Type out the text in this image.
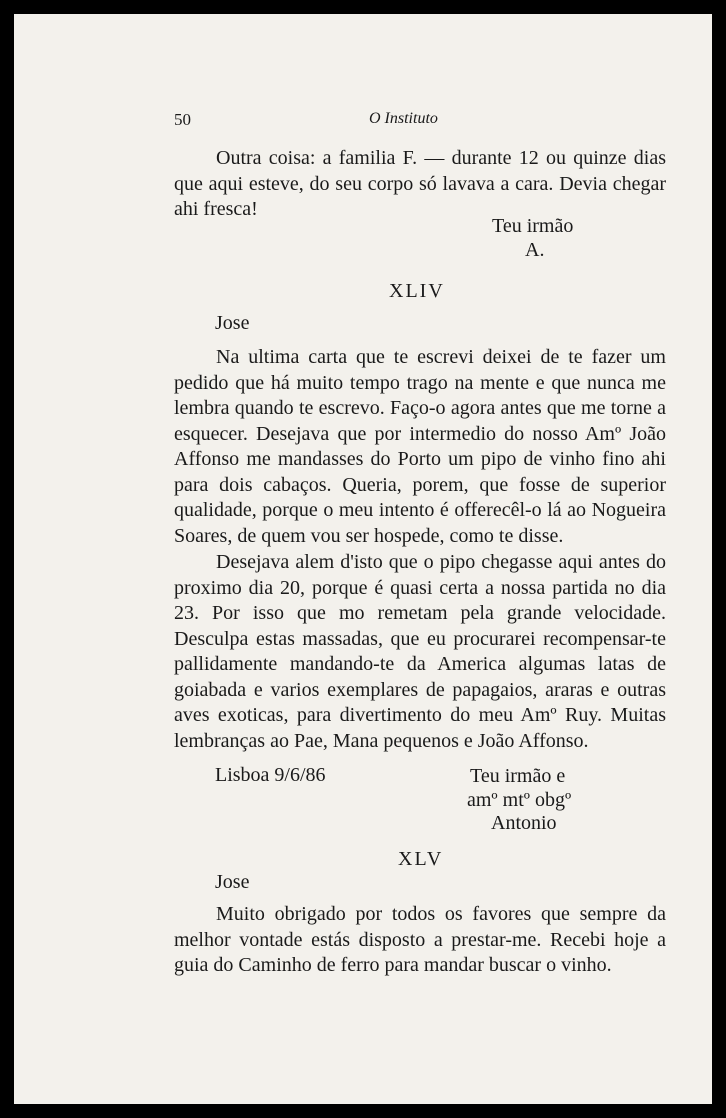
50	O Instituto

Outra coisa: a familia F. — durante 12 ou quinze dias que aqui esteve, do seu corpo só lavava a cara. Devia chegar ahi fresca!

Teu irmão
A.
XLIV
Jose

Na ultima carta que te escrevi deixei de te fazer um pedido que há muito tempo trago na mente e que nunca me lembra quando te escrevo. Faço-o agora antes que me torne a esquecer. Desejava que por intermedio do nosso Amº João Affonso me mandasses do Porto um pipo de vinho fino ahi para dois cabaços. Queria, porem, que fosse de superior qualidade, porque o meu intento é offerecêl-o lá ao Nogueira Soares, de quem vou ser hospede, como te disse.

Desejava alem d'isto que o pipo chegasse aqui antes do proximo dia 20, porque é quasi certa a nossa partida no dia 23. Por isso que mo remetam pela grande velocidade. Desculpa estas massadas, que eu procurarei recompensar-te pallidamente mandando-te da America algumas latas de goiabada e varios exemplares de papagaios, araras e outras aves exoticas, para divertimento do meu Amº Ruy. Muitas lembranças ao Pae, Mana pequenos e João Affonso.

Lisboa 9/6/86	Teu irmão e
amº mtº obgº
Antonio
XLV
Jose

Muito obrigado por todos os favores que sempre da melhor vontade estás disposto a prestar-me. Recebi hoje a guia do Caminho de ferro para mandar buscar o vinho.
